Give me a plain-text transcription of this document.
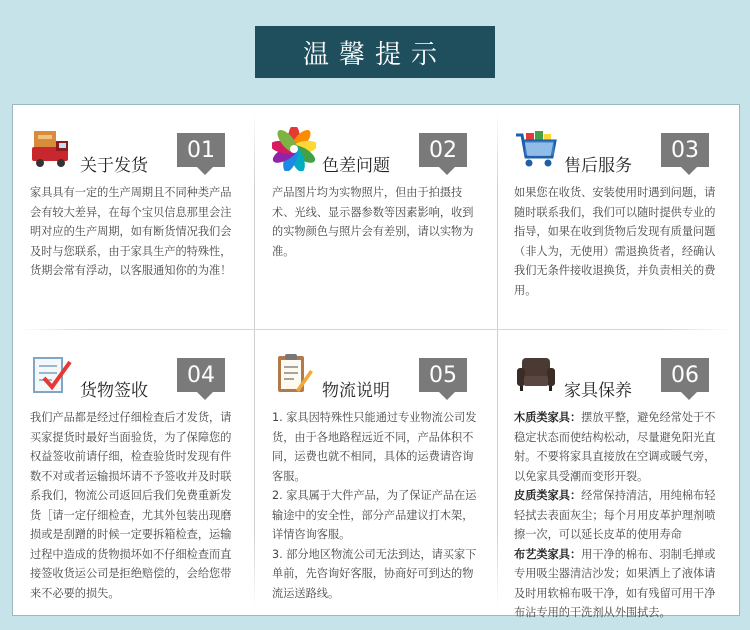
温馨提示
关于发货
01

家具具有一定的生产周期且不同种类产品会有较大差异，在每个宝贝信息那里会注明对应的生产周期，如有断货情况我们会及时与您联系，由于家具生产的特殊性，货期会常有浮动，以客服通知你的为准！

色差问题
02

产品图片均为实物照片，但由于拍摄技术、光线、显示器参数等因素影响，收到的实物颜色与照片会有差别，请以实物为准。

售后服务
03

如果您在收货、安装使用时遇到问题，请随时联系我们，我们可以随时提供专业的指导，如果在收到货物后发现有质量问题（非人为，无使用）需退换货者，经确认我们无条件接收退换货，并负责相关的费用。

货物签收
04

我们产品都是经过仔细检查后才发货，请买家提货时最好当面验货，为了保障您的权益签收前请仔细，检查验货时发现有件数不对或者运输损坏请不予签收并及时联系我们，物流公司返回后我们免费重新发货［请一定仔细检查，尤其外包装出现磨损或是刮蹭的时候一定要拆箱检查，运输过程中造成的货物损坏如不仔细检查而直接签收货运公司是拒绝赔偿的，会给您带来不必要的损失。

物流说明
05

1. 家具因特殊性只能通过专业物流公司发货，由于各地路程远近不同，产品体积不同，运费也就不相同，具体的运费请咨询客服。

2. 家具属于大件产品，为了保证产品在运输途中的安全性，部分产品建议打木架，详情咨询客服。

3. 部分地区物流公司无法到达，请买家下单前，先咨询好客服，协商好可到达的物流运送路线。

家具保养
06

木质类家具：摆放平整，避免经常处于不稳定状态而使结构松动，尽量避免阳光直射。不要将家具直接放在空调或暖气旁，以免家具受潮而变形开裂。

皮质类家具：经常保持清洁，用纯棉布轻轻拭去表面灰尘；每个月用皮革护理剂喷擦一次，可以延长皮革的使用寿命

布艺类家具：用干净的棉布、羽制毛掸或专用吸尘器清洁沙发；如果洒上了液体请及时用软棉布吸干净，如有残留可用干净布沾专用的干洗剂从外围拭去。
